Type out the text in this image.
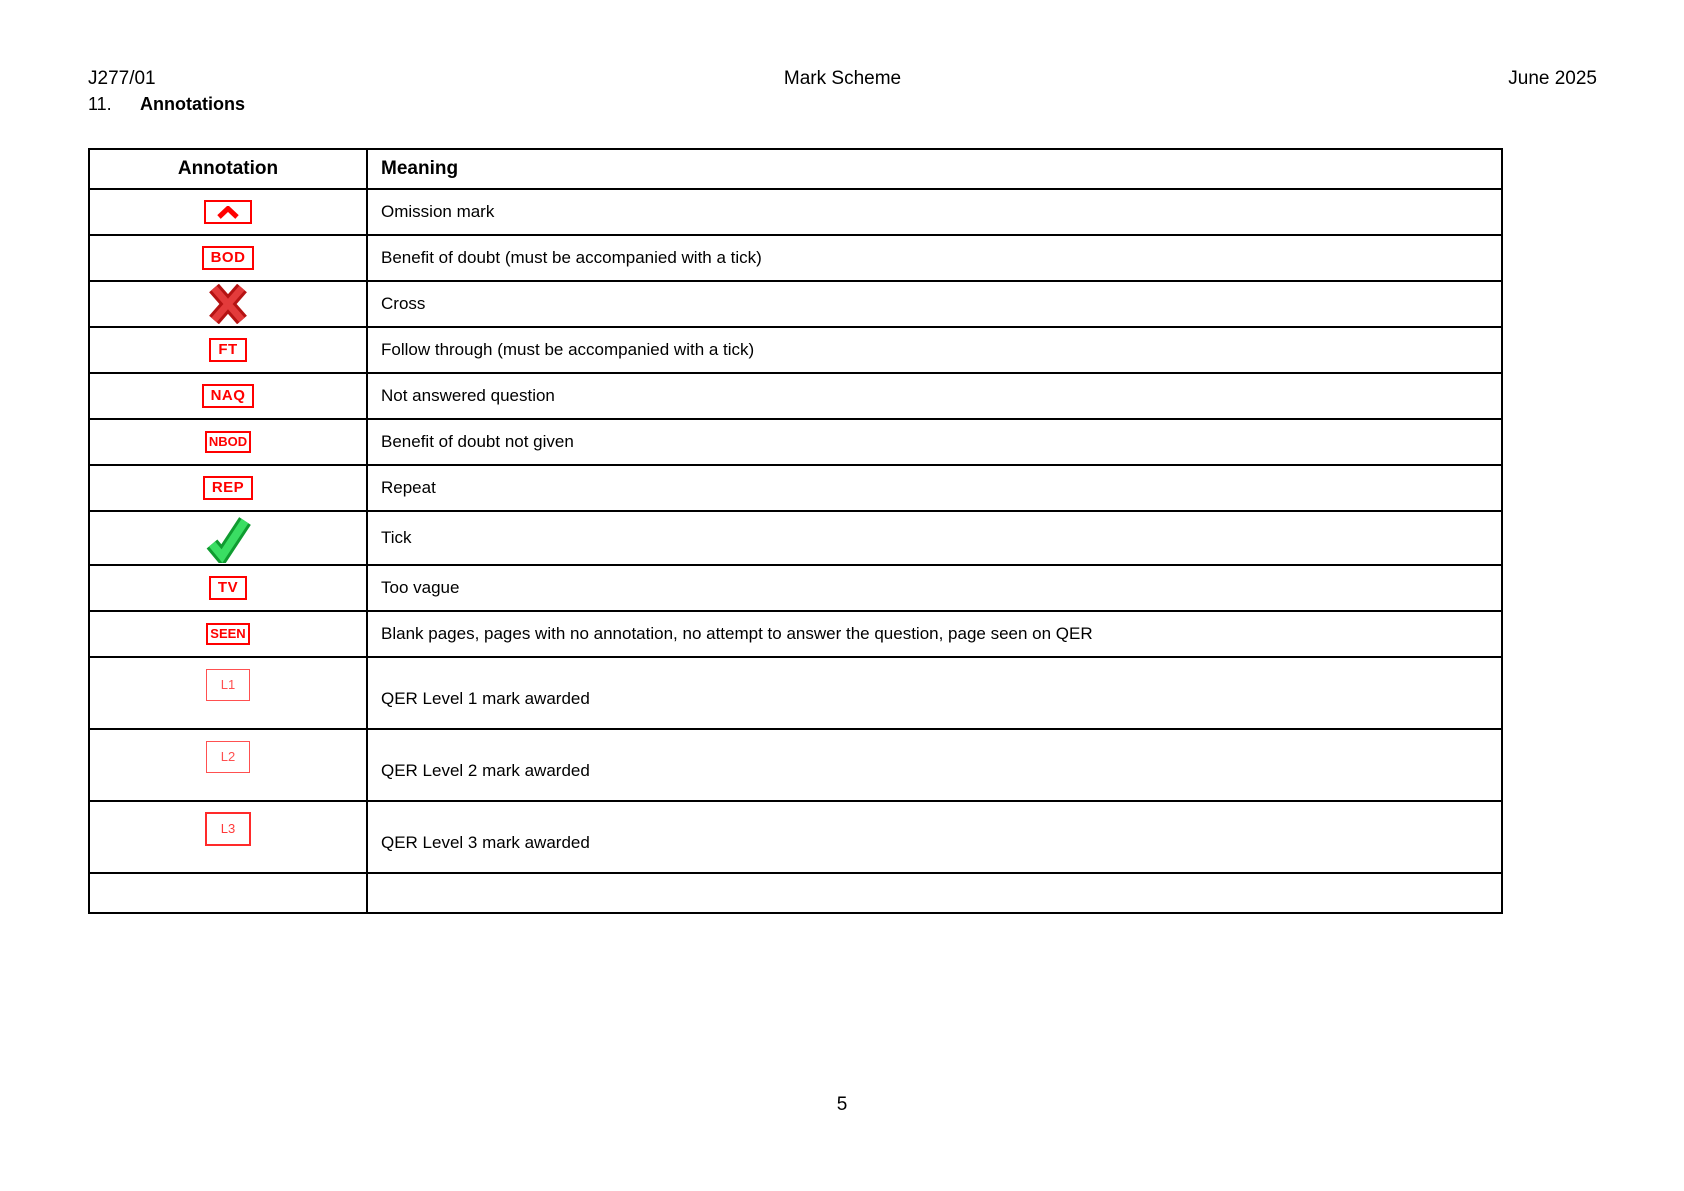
J277/01	Mark Scheme	June 2025
11. Annotations
Annotation	Meaning

	Omission mark
BOD	Benefit of doubt (must be accompanied with a tick)
	Cross
FT	Follow through (must be accompanied with a tick)
NAQ	Not answered question
NBOD	Benefit of doubt not given
REP	Repeat
	Tick
TV	Too vague
SEEN	Blank pages, pages with no annotation, no attempt to answer the question, page seen on QER
L1	QER Level 1 mark awarded
L2	QER Level 2 mark awarded
L3	QER Level 3 mark awarded

5
